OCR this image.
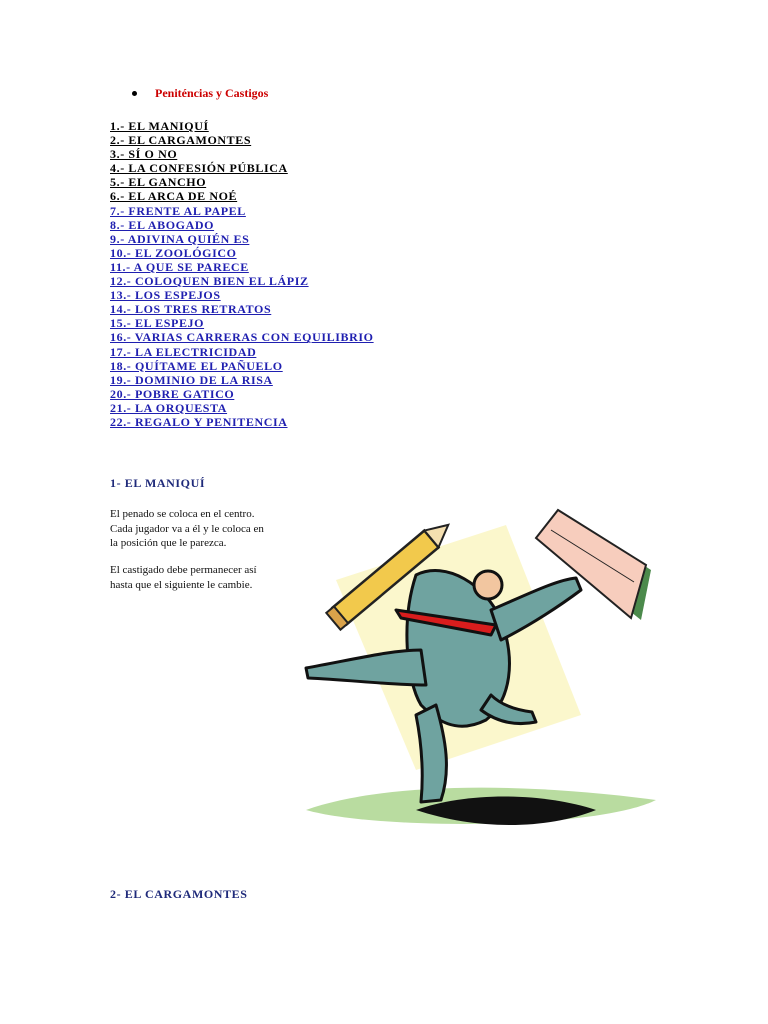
Peniténcias y Castigos
1.- EL MANIQUÍ
2.- EL CARGAMONTES
3.- SÍ O NO
4.- LA CONFESIÓN PÚBLICA
5.- EL GANCHO
6.- EL ARCA DE NOÉ
7.- FRENTE AL PAPEL
8.- EL ABOGADO
9.- ADIVINA QUIÉN ES
10.- EL ZOOLÓGICO
11.- A QUE SE PARECE
12.- COLOQUEN BIEN EL LÁPIZ
13.- LOS ESPEJOS
14.- LOS TRES RETRATOS
15.- EL ESPEJO
16.- VARIAS CARRERAS CON EQUILIBRIO
17.- LA ELECTRICIDAD
18.- QUÍTAME EL PAÑUELO
19.- DOMINIO DE LA RISA
20.- POBRE GATICO
21.- LA ORQUESTA
22.- REGALO Y PENITENCIA
1- EL MANIQUÍ

El penado se coloca en el centro.
Cada jugador va a él y le coloca en
la posición que le parezca.

El castigado debe permanecer así
hasta que el siguiente le cambie.

2- EL CARGAMONTES
